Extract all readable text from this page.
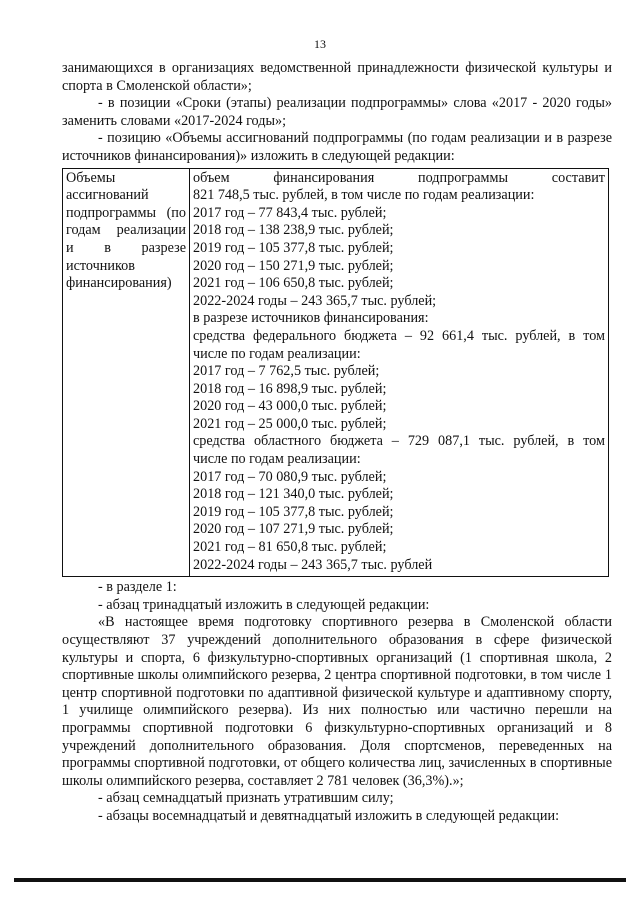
13

занимающихся в организациях ведомственной принадлежности физической культуры и спорта в Смоленской области»;

- в позиции «Сроки (этапы) реализации подпрограммы» слова «2017 - 2020 годы» заменить словами «2017-2024 годы»;

- позицию «Объемы ассигнований подпрограммы (по годам реализации и в разрезе источников финансирования)» изложить в следующей редакции:

Объемы
ассигнований
подпрограммы (по
годам реализации
и в разрезе
источников
финансирования)

объем финансирования подпрограммы составит
821 748,5 тыс. рублей, в том числе по годам реализации:
2017 год – 77 843,4 тыс. рублей;
2018 год – 138 238,9 тыс. рублей;
2019 год – 105 377,8 тыс. рублей;
2020 год – 150 271,9 тыс. рублей;
2021 год – 106 650,8 тыс. рублей;
2022-2024 годы – 243 365,7 тыс. рублей;
в разрезе источников финансирования:
средства федерального бюджета – 92 661,4 тыс. рублей, в том
числе по годам реализации:
2017 год – 7 762,5 тыс. рублей;
2018 год – 16 898,9 тыс. рублей;
2020 год – 43 000,0 тыс. рублей;
2021 год – 25 000,0 тыс. рублей;
средства областного бюджета – 729 087,1 тыс. рублей, в том
числе по годам реализации:
2017 год – 70 080,9 тыс. рублей;
2018 год – 121 340,0 тыс. рублей;
2019 год – 105 377,8 тыс. рублей;
2020 год – 107 271,9 тыс. рублей;
2021 год – 81 650,8 тыс. рублей;
2022-2024 годы – 243 365,7 тыс. рублей

- в разделе 1:

- абзац тринадцатый изложить в следующей редакции:

«В настоящее время подготовку спортивного резерва в Смоленской области осуществляют 37 учреждений дополнительного образования в сфере физической культуры и спорта, 6 физкультурно-спортивных организаций (1 спортивная школа, 2 спортивные школы олимпийского резерва, 2 центра спортивной подготовки, в том числе 1 центр спортивной подготовки по адаптивной физической культуре и адаптивному спорту, 1 училище олимпийского резерва). Из них полностью или частично перешли на программы спортивной подготовки 6 физкультурно-спортивных организаций и 8 учреждений дополнительного образования. Доля спортсменов, переведенных на программы спортивной подготовки, от общего количества лиц, зачисленных в спортивные школы олимпийского резерва, составляет 2 781 человек (36,3%).»;

- абзац семнадцатый признать утратившим силу;

- абзацы восемнадцатый и девятнадцатый изложить в следующей редакции:
